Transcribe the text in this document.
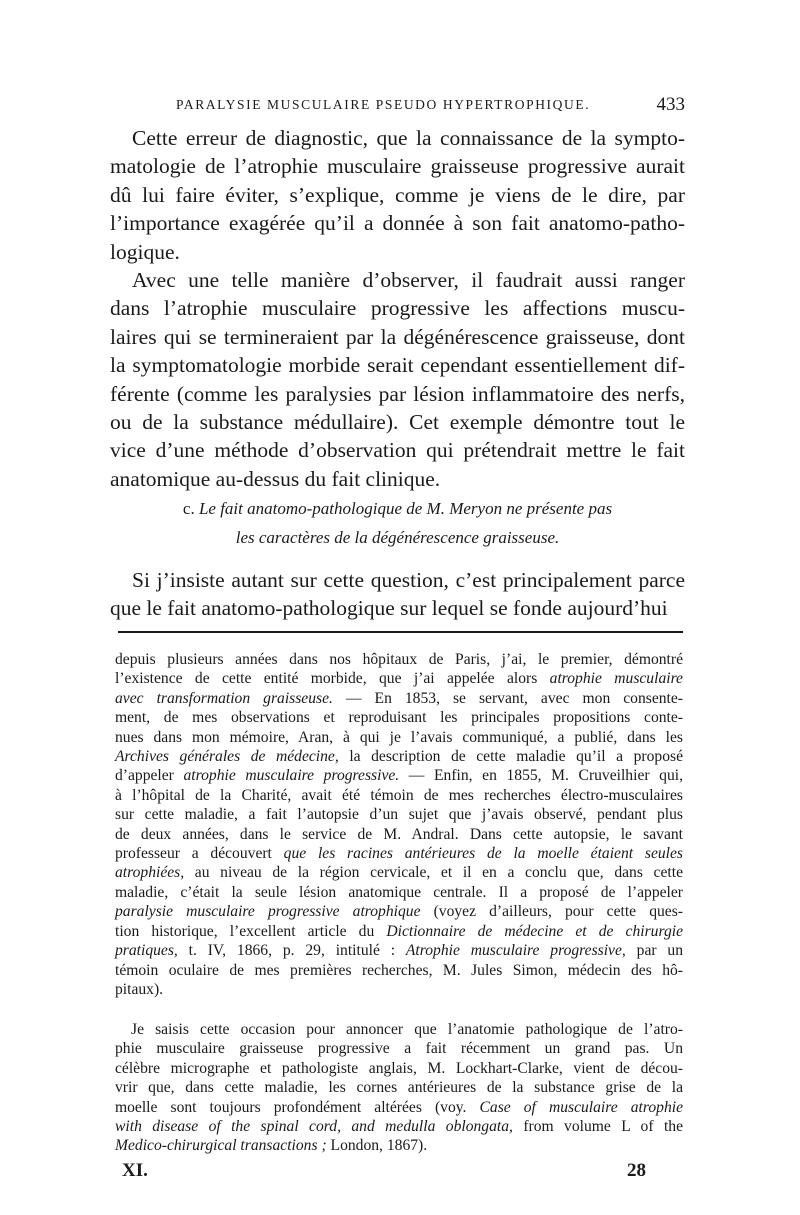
PARALYSIE MUSCULAIRE PSEUDO HYPERTROPHIQUE.	433

Cette erreur de diagnostic, que la connaissance de la sympto-
matologie de l’atrophie musculaire graisseuse progressive aurait
dû lui faire éviter, s’explique, comme je viens de le dire, par
l’importance exagérée qu’il a donnée à son fait anatomo-patho-
logique.

Avec une telle manière d’observer, il faudrait aussi ranger
dans l’atrophie musculaire progressive les affections muscu-
laires qui se termineraient par la dégénérescence graisseuse, dont
la symptomatologie morbide serait cependant essentiellement dif-
férente (comme les paralysies par lésion inflammatoire des nerfs,
ou de la substance médullaire). Cet exemple démontre tout le
vice d’une méthode d’observation qui prétendrait mettre le fait
anatomique au-dessus du fait clinique.

c. Le fait anatomo-pathologique de M. Meryon ne présente pas
les caractères de la dégénérescence graisseuse.

Si j’insiste autant sur cette question, c’est principalement parce
que le fait anatomo-pathologique sur lequel se fonde aujourd’hui

depuis plusieurs années dans nos hôpitaux de Paris, j’ai, le premier, démontré
l’existence de cette entité morbide, que j’ai appelée alors atrophie musculaire
avec transformation graisseuse. — En 1853, se servant, avec mon consente-
ment, de mes observations et reproduisant les principales propositions conte-
nues dans mon mémoire, Aran, à qui je l’avais communiqué, a publié, dans les
Archives générales de médecine, la description de cette maladie qu’il a proposé
d’appeler atrophie musculaire progressive. — Enfin, en 1855, M. Cruveilhier qui,
à l’hôpital de la Charité, avait été témoin de mes recherches électro-musculaires
sur cette maladie, a fait l’autopsie d’un sujet que j’avais observé, pendant plus
de deux années, dans le service de M. Andral. Dans cette autopsie, le savant
professeur a découvert que les racines antérieures de la moelle étaient seules
atrophiées, au niveau de la région cervicale, et il en a conclu que, dans cette
maladie, c’était la seule lésion anatomique centrale. Il a proposé de l’appeler
paralysie musculaire progressive atrophique (voyez d’ailleurs, pour cette ques-
tion historique, l’excellent article du Dictionnaire de médecine et de chirurgie
pratiques, t. IV, 1866, p. 29, intitulé : Atrophie musculaire progressive, par un
témoin oculaire de mes premières recherches, M. Jules Simon, médecin des hô-
pitaux).

Je saisis cette occasion pour annoncer que l’anatomie pathologique de l’atro-
phie musculaire graisseuse progressive a fait récemment un grand pas. Un
célèbre micrographe et pathologiste anglais, M. Lockhart-Clarke, vient de décou-
vrir que, dans cette maladie, les cornes antérieures de la substance grise de la
moelle sont toujours profondément altérées (voy. Case of musculaire atrophie
with disease of the spinal cord, and medulla oblongata, from volume L of the
Medico-chirurgical transactions ; London, 1867).

XI.	28
